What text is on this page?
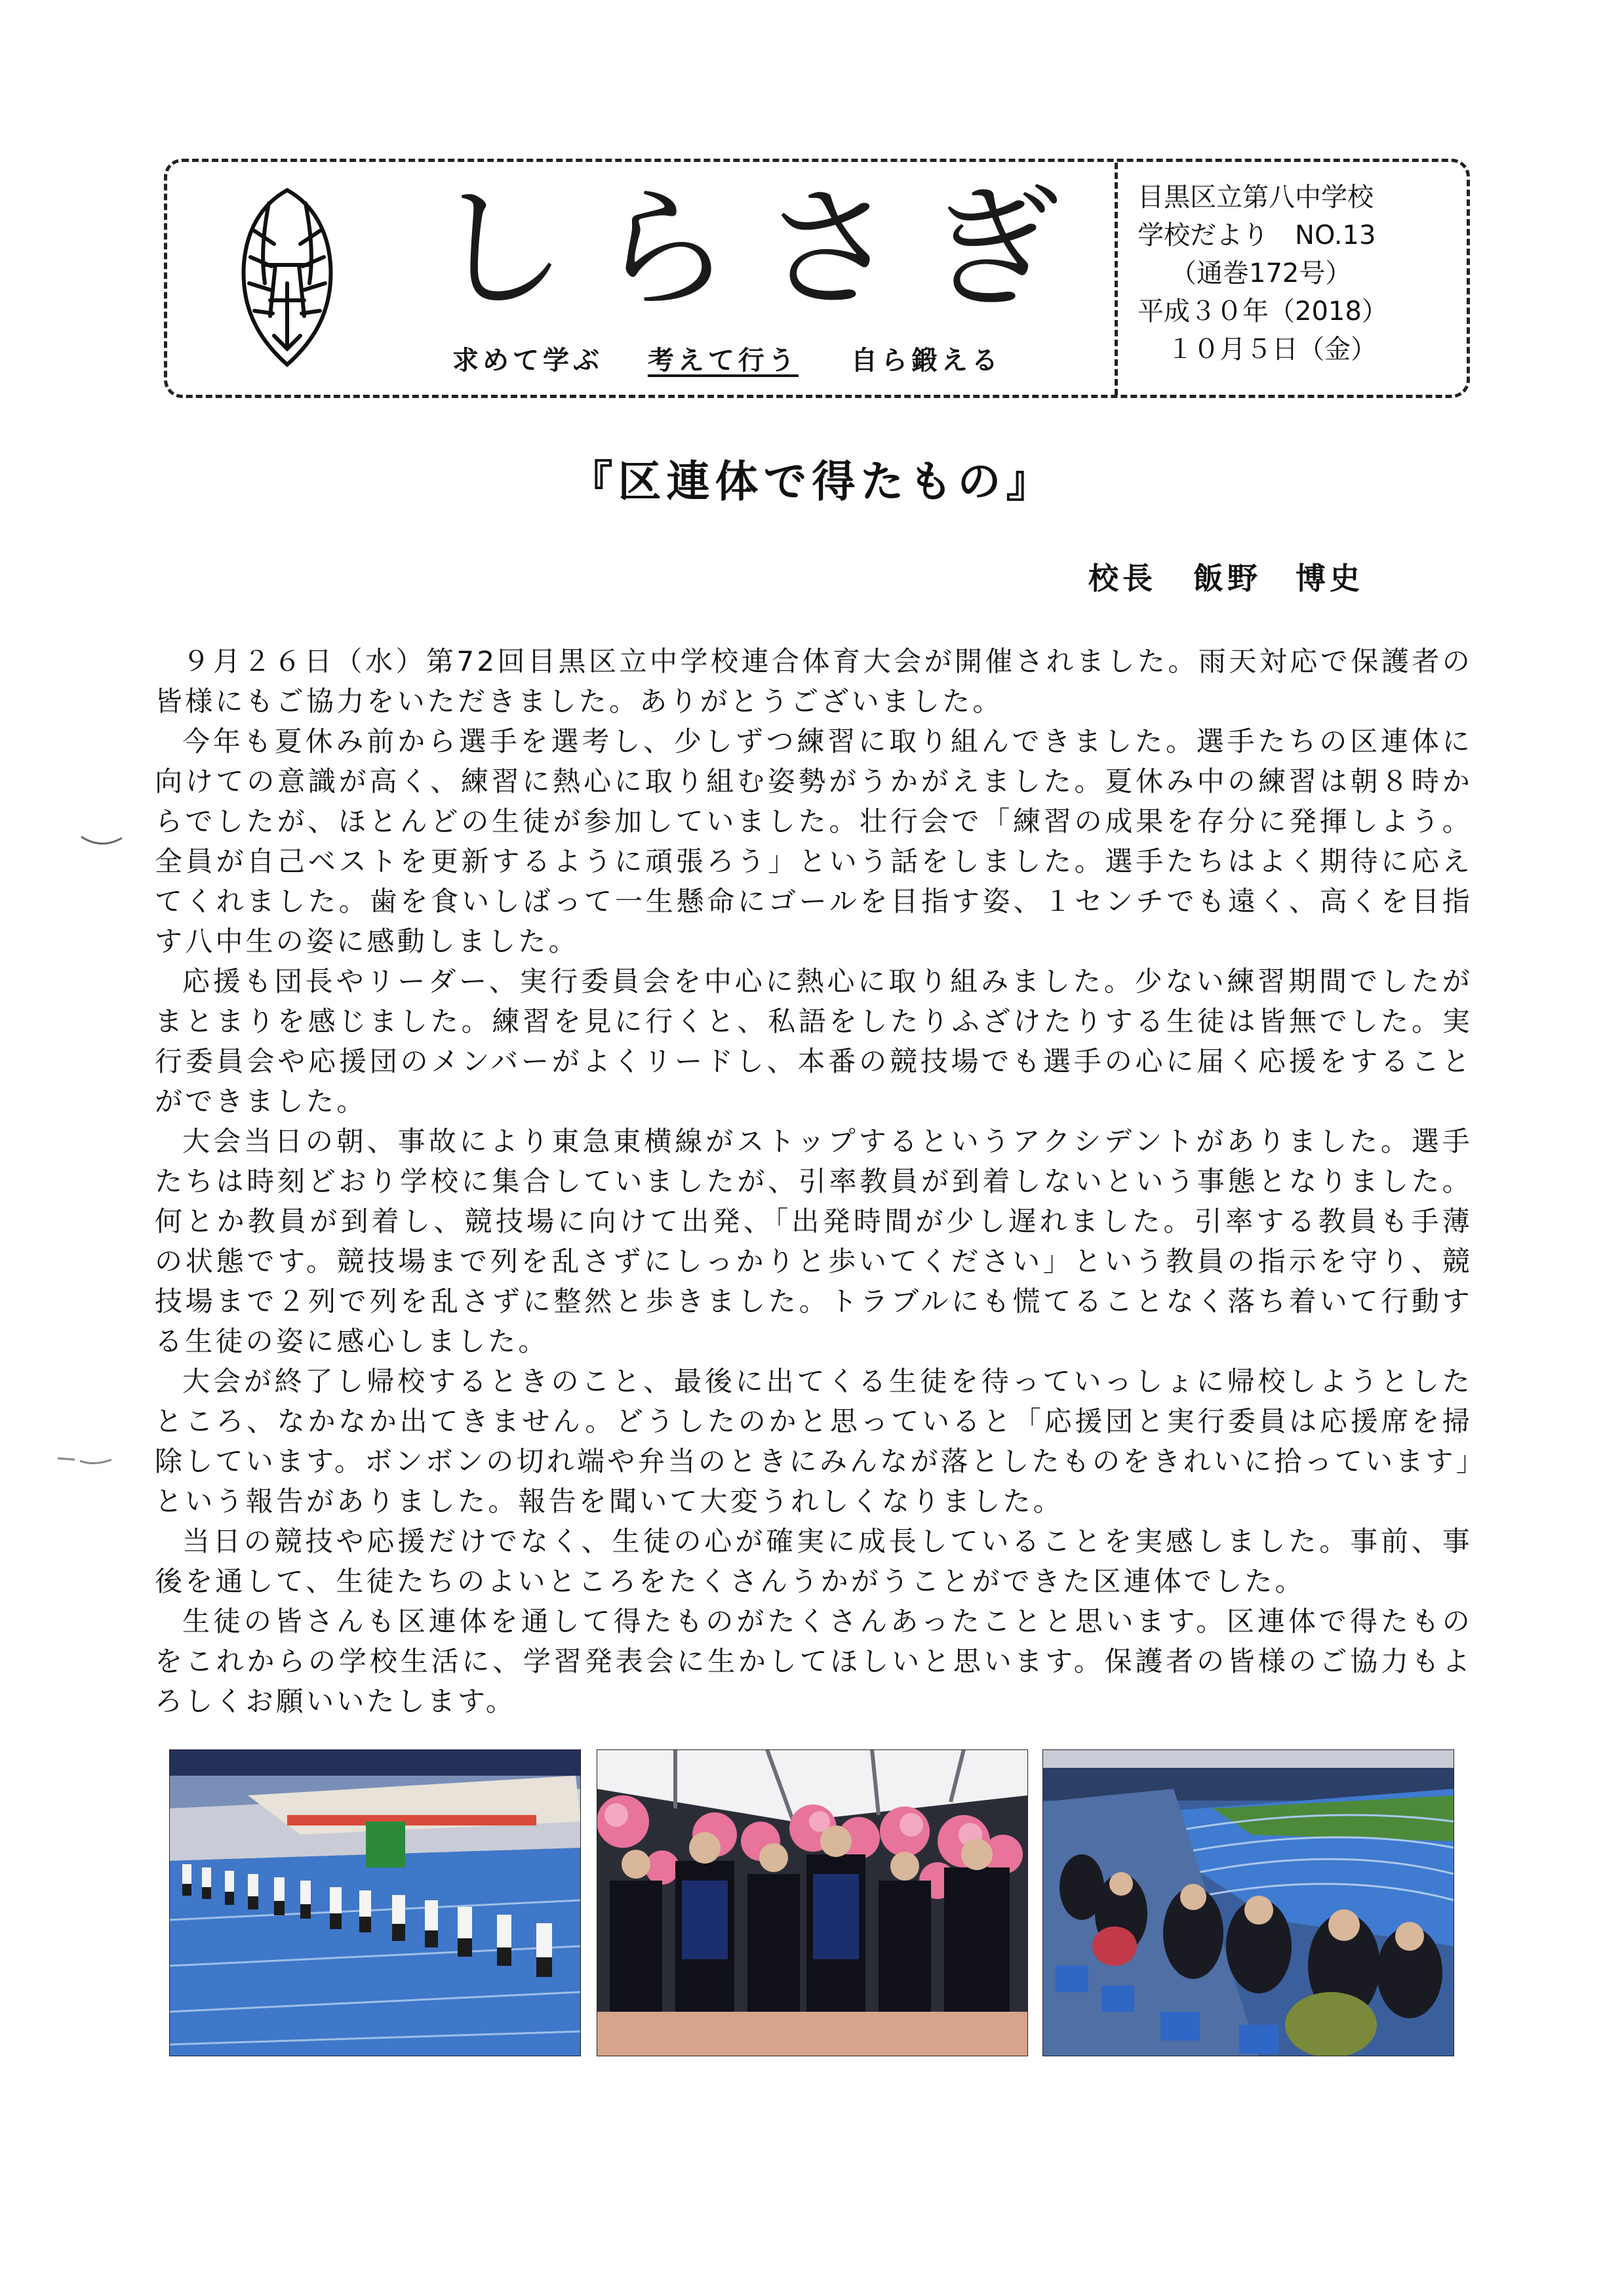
しらさぎ
求めて学ぶ 考えて行う 自ら鍛える
目黒区立第八中学校
学校だより　NO.13
（通巻172号）
平成３０年（2018）
１０月５日（金）
『区連体で得たもの』
校長 飯野　博史

９月２６日（水）第72回目黒区立中学校連合体育大会が開催されました。雨天対応で保護者の皆様にもご協力をいただきました。ありがとうございました。

今年も夏休み前から選手を選考し、少しずつ練習に取り組んできました。選手たちの区連体に向けての意識が高く、練習に熱心に取り組む姿勢がうかがえました。夏休み中の練習は朝８時からでしたが、ほとんどの生徒が参加していました。壮行会で「練習の成果を存分に発揮しよう。全員が自己ベストを更新するように頑張ろう」という話をしました。選手たちはよく期待に応えてくれました。歯を食いしばって一生懸命にゴールを目指す姿、１センチでも遠く、高くを目指す八中生の姿に感動しました。

応援も団長やリーダー、実行委員会を中心に熱心に取り組みました。少ない練習期間でしたがまとまりを感じました。練習を見に行くと、私語をしたりふざけたりする生徒は皆無でした。実行委員会や応援団のメンバーがよくリードし、本番の競技場でも選手の心に届く応援をすることができました。

大会当日の朝、事故により東急東横線がストップするというアクシデントがありました。選手たちは時刻どおり学校に集合していましたが、引率教員が到着しないという事態となりました。何とか教員が到着し、競技場に向けて出発、「出発時間が少し遅れました。引率する教員も手薄の状態です。競技場まで列を乱さずにしっかりと歩いてください」という教員の指示を守り、競技場まで２列で列を乱さずに整然と歩きました。トラブルにも慌てることなく落ち着いて行動する生徒の姿に感心しました。

大会が終了し帰校するときのこと、最後に出てくる生徒を待っていっしょに帰校しようとしたところ、なかなか出てきません。どうしたのかと思っていると「応援団と実行委員は応援席を掃除しています。ボンボンの切れ端や弁当のときにみんなが落としたものをきれいに拾っています」という報告がありました。報告を聞いて大変うれしくなりました。

当日の競技や応援だけでなく、生徒の心が確実に成長していることを実感しました。事前、事後を通して、生徒たちのよいところをたくさんうかがうことができた区連体でした。

生徒の皆さんも区連体を通して得たものがたくさんあったことと思います。区連体で得たものをこれからの学校生活に、学習発表会に生かしてほしいと思います。保護者の皆様のご協力もよろしくお願いいたします。
